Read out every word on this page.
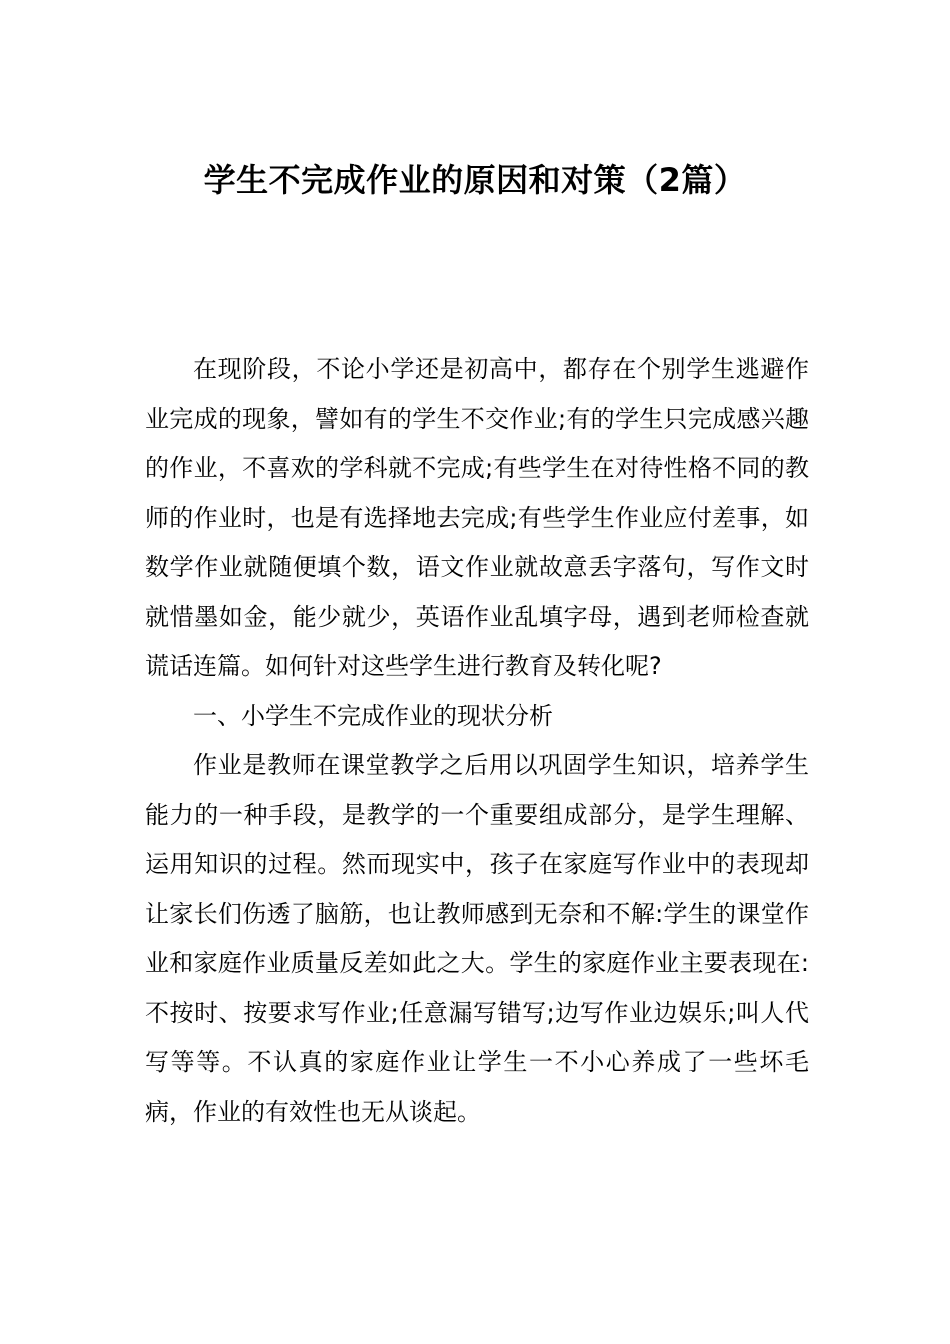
学生不完成作业的原因和对策（2篇）

在现阶段，不论小学还是初高中，都存在个别学生逃避作业完成的现象，譬如有的学生不交作业;有的学生只完成感兴趣的作业，不喜欢的学科就不完成;有些学生在对待性格不同的教师的作业时，也是有选择地去完成;有些学生作业应付差事，如数学作业就随便填个数，语文作业就故意丢字落句，写作文时就惜墨如金，能少就少，英语作业乱填字母，遇到老师检查就谎话连篇。如何针对这些学生进行教育及转化呢?

一、小学生不完成作业的现状分析

作业是教师在课堂教学之后用以巩固学生知识，培养学生能力的一种手段，是教学的一个重要组成部分，是学生理解、运用知识的过程。然而现实中，孩子在家庭写作业中的表现却让家长们伤透了脑筋，也让教师感到无奈和不解:学生的课堂作业和家庭作业质量反差如此之大。学生的家庭作业主要表现在:不按时、按要求写作业;任意漏写错写;边写作业边娱乐;叫人代写等等。不认真的家庭作业让学生一不小心养成了一些坏毛病，作业的有效性也无从谈起。
